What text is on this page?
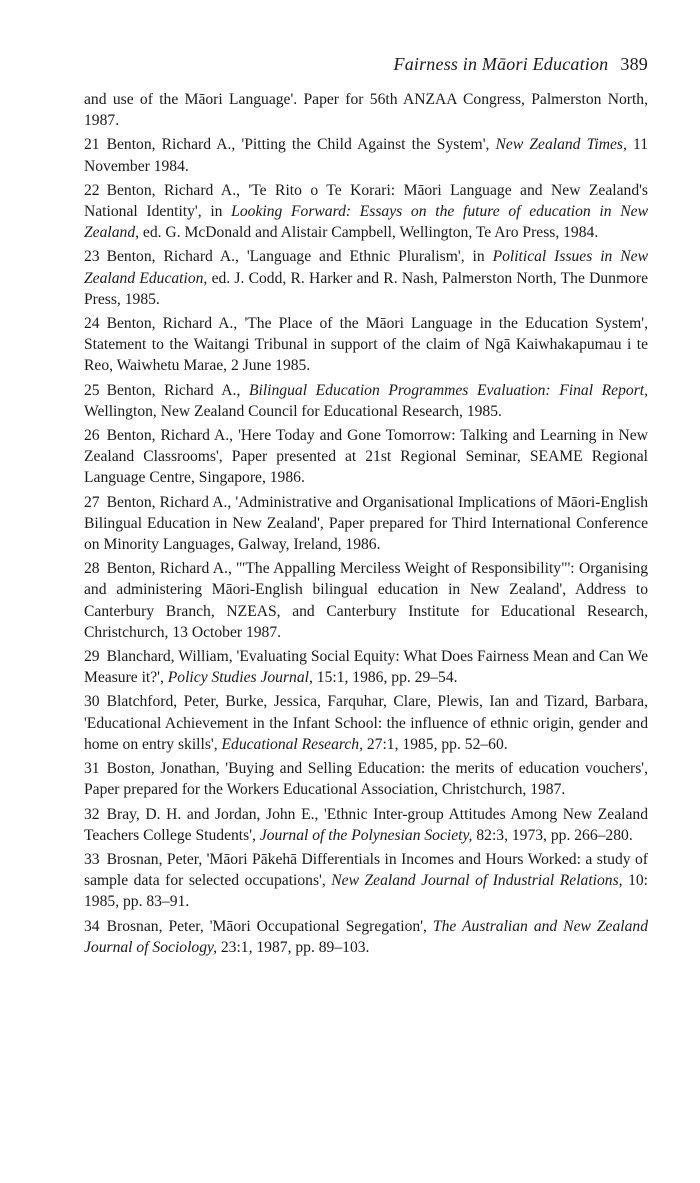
Fairness in Māori Education 389

and use of the Māori Language'. Paper for 56th ANZAA Congress, Palmerston North, 1987.

21 Benton, Richard A., 'Pitting the Child Against the System', New Zealand Times, 11 November 1984.

22 Benton, Richard A., 'Te Rito o Te Korari: Māori Language and New Zealand's National Identity', in Looking Forward: Essays on the future of education in New Zealand, ed. G. McDonald and Alistair Campbell, Wellington, Te Aro Press, 1984.

23 Benton, Richard A., 'Language and Ethnic Pluralism', in Political Issues in New Zealand Education, ed. J. Codd, R. Harker and R. Nash, Palmerston North, The Dunmore Press, 1985.

24 Benton, Richard A., 'The Place of the Māori Language in the Education System', Statement to the Waitangi Tribunal in support of the claim of Ngā Kaiwhakapumau i te Reo, Waiwhetu Marae, 2 June 1985.

25 Benton, Richard A., Bilingual Education Programmes Evaluation: Final Report, Wellington, New Zealand Council for Educational Research, 1985.

26 Benton, Richard A., 'Here Today and Gone Tomorrow: Talking and Learning in New Zealand Classrooms', Paper presented at 21st Regional Seminar, SEAME Regional Language Centre, Singapore, 1986.

27 Benton, Richard A., 'Administrative and Organisational Implications of Māori-English Bilingual Education in New Zealand', Paper prepared for Third International Conference on Minority Languages, Galway, Ireland, 1986.

28 Benton, Richard A., '"The Appalling Merciless Weight of Responsibility"': Organising and administering Māori-English bilingual education in New Zealand', Address to Canterbury Branch, NZEAS, and Canterbury Institute for Educational Research, Christchurch, 13 October 1987.

29 Blanchard, William, 'Evaluating Social Equity: What Does Fairness Mean and Can We Measure it?', Policy Studies Journal, 15:1, 1986, pp. 29–54.

30 Blatchford, Peter, Burke, Jessica, Farquhar, Clare, Plewis, Ian and Tizard, Barbara, 'Educational Achievement in the Infant School: the influence of ethnic origin, gender and home on entry skills', Educational Research, 27:1, 1985, pp. 52–60.

31 Boston, Jonathan, 'Buying and Selling Education: the merits of education vouchers', Paper prepared for the Workers Educational Association, Christchurch, 1987.

32 Bray, D. H. and Jordan, John E., 'Ethnic Inter-group Attitudes Among New Zealand Teachers College Students', Journal of the Polynesian Society, 82:3, 1973, pp. 266–280.

33 Brosnan, Peter, 'Māori Pākehā Differentials in Incomes and Hours Worked: a study of sample data for selected occupations', New Zealand Journal of Industrial Relations, 10: 1985, pp. 83–91.

34 Brosnan, Peter, 'Māori Occupational Segregation', The Australian and New Zealand Journal of Sociology, 23:1, 1987, pp. 89–103.
